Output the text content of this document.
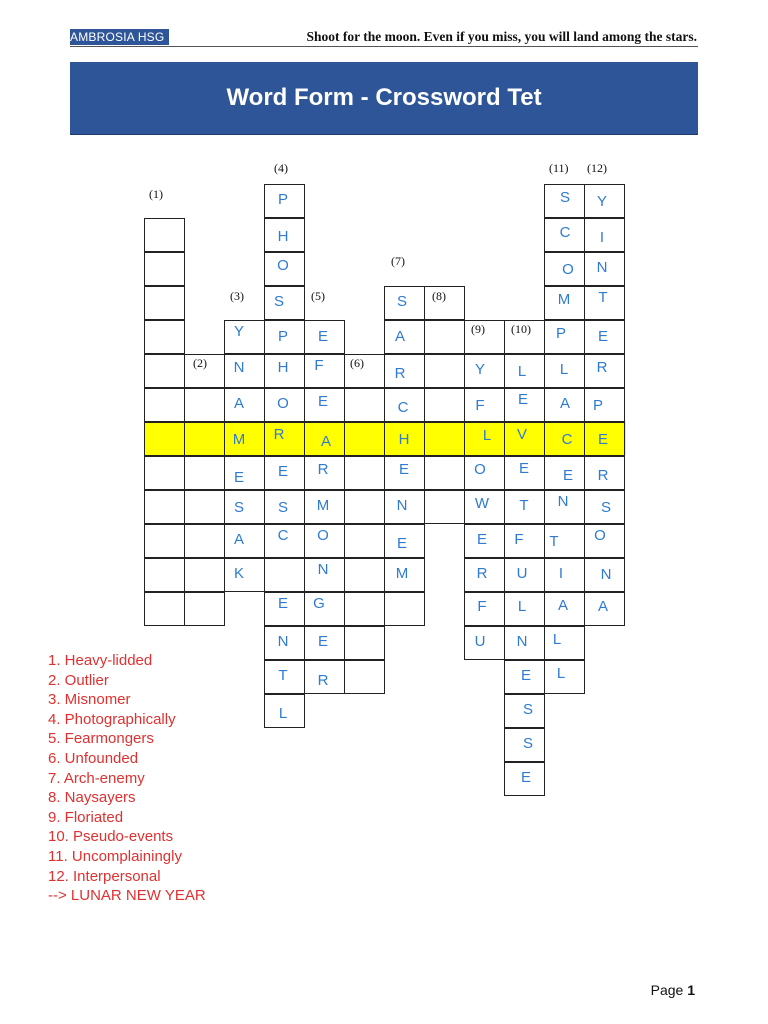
AMBROSIA HSG	Shoot for the moon. Even if you miss, you will land among the stars.
Word Form - Crossword Tet
P
H
O
S
P
H
O
R
E
S
C
E
N
T
L
Y
N
A
M
E
S
A
K
E
F
E
A
R
M
O
N
G
E
R
S
A
R
C
H
E
N
E
M
Y
F
L
O
W
E
R
F
U
L
E
V
E
T
F
U
L
N
E
S
S
E
S
C
O
M
P
L
A
C
E
N
T
I
A
L
L
Y
I
N
T
E
R
P
E
R
S
O
N
A
(1)
(2)
(3)
(4)
(5)
(6)
(7)
(8)
(9) (10)
(11) (12)
1. Heavy-lidded
2. Outlier
3. Misnomer
4. Photographically
5. Fearmongers
6. Unfounded
7. Arch-enemy
8. Naysayers
9. Floriated
10. Pseudo-events
11. Uncomplainingly
12. Interpersonal
--> LUNAR NEW YEAR
Page 1
